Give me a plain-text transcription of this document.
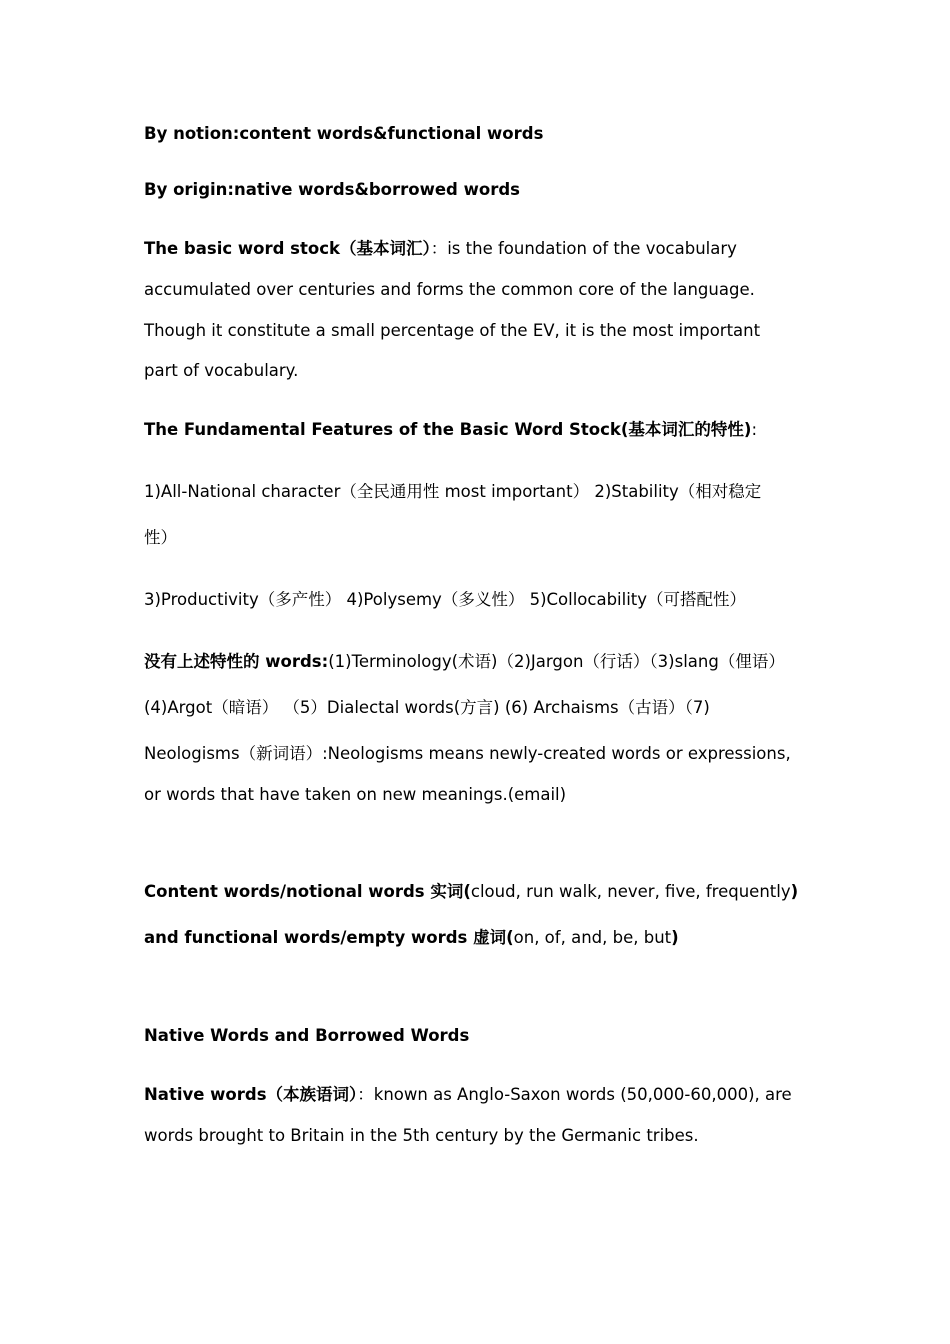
By notion:content words&functional words
By origin:native words&borrowed words
The basic word stock（基本词汇）：is the foundation of the vocabulary
accumulated over centuries and forms the common core of the language.
Though it constitute a small percentage of the EV, it is the most important
part of vocabulary.
The Fundamental Features of the Basic Word Stock(基本词汇的特性):
1)All-National character（全民通用性 most important） 2)Stability（相对稳定
性）
3)Productivity（多产性） 4)Polysemy（多义性） 5)Collocability（可搭配性）
没有上述特性的 words:(1)Terminology(术语)（2)Jargon（行话）（3)slang（俚语）
(4)Argot（暗语） （5）Dialectal words(方言) (6) Archaisms（古语）（7)
Neologisms（新词语）:Neologisms means newly-created words or expressions,
or words that have taken on new meanings.(email)
Content words/notional words 实词(cloud, run walk, never, five, frequently)
and functional words/empty words 虚词(on, of, and, be, but)
Native Words and Borrowed Words
Native words（本族语词）：known as Anglo-Saxon words (50,000-60,000), are
words brought to Britain in the 5th century by the Germanic tribes.
